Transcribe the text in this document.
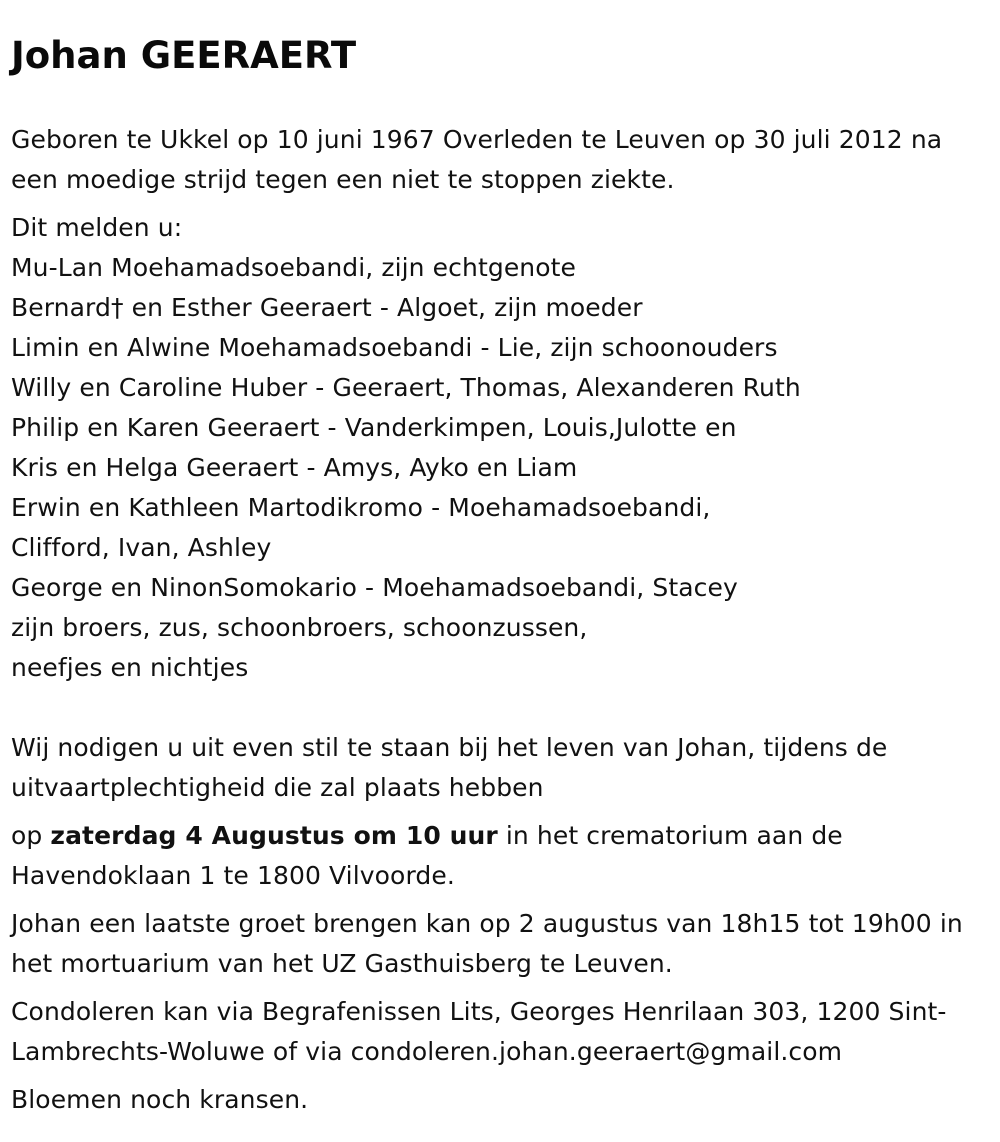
Johan GEERAERT

Geboren te Ukkel op 10 juni 1967 Overleden te Leuven op 30 juli 2012 na een moedige strijd tegen een niet te stoppen ziekte.

Dit melden u:

Mu-Lan Moehamadsoebandi, zijn echtgenote

Bernard† en Esther Geeraert - Algoet, zijn moeder

Limin en Alwine Moehamadsoebandi - Lie, zijn schoonouders

Willy en Caroline Huber - Geeraert, Thomas, Alexanderen Ruth

Philip en Karen Geeraert - Vanderkimpen, Louis,Julotte en

Kris en Helga Geeraert - Amys, Ayko en Liam

Erwin en Kathleen Martodikromo - Moehamadsoebandi,

Clifford, Ivan, Ashley

George en NinonSomokario - Moehamadsoebandi, Stacey

zijn broers, zus, schoonbroers, schoonzussen,

neefjes en nichtjes

Wij nodigen u uit even stil te staan bij het leven van Johan, tijdens de uitvaartplechtigheid die zal plaats hebben

op zaterdag 4 Augustus om 10 uur in het crematorium aan de Havendoklaan 1 te 1800 Vilvoorde.

Johan een laatste groet brengen kan op 2 augustus van 18h15 tot 19h00 in het mortuarium van het UZ Gasthuisberg te Leuven.

Condoleren kan via Begrafenissen Lits, Georges Henrilaan 303, 1200 Sint-Lambrechts-Woluwe of via condoleren.johan.geeraert@gmail.com

Bloemen noch kransen.
